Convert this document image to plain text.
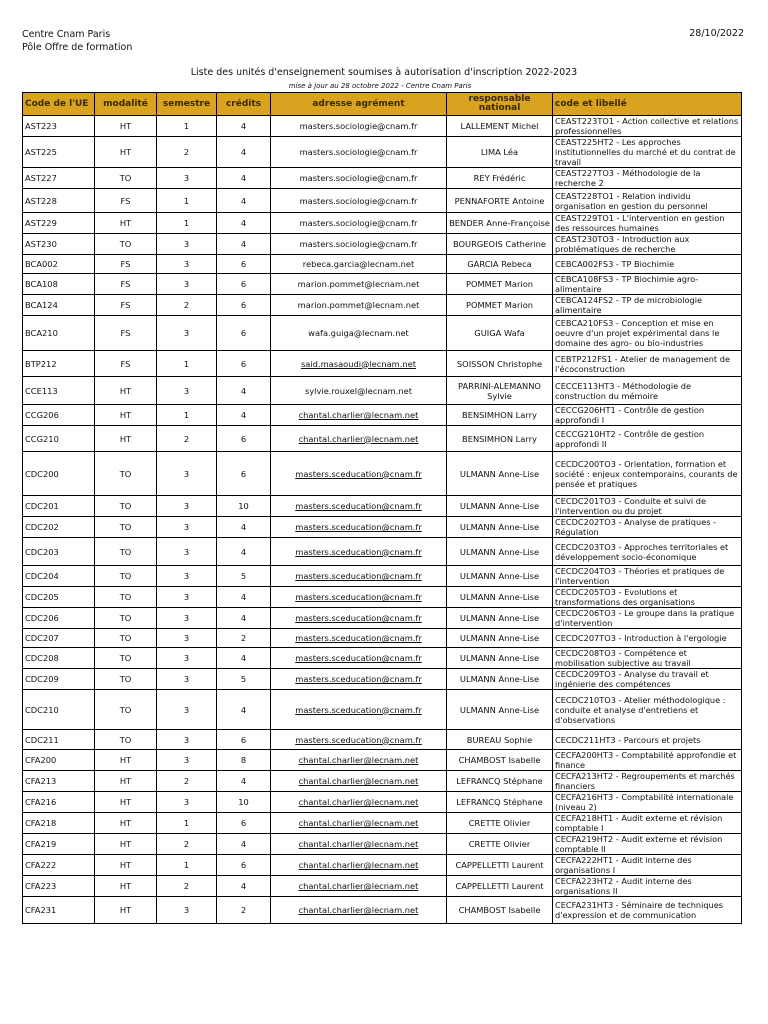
Centre Cnam Paris
Pôle Offre de formation
28/10/2022
Liste des unités d'enseignement soumises à autorisation d'inscription 2022-2023
mise à jour au 28 octobre 2022 - Centre Cnam Paris
Code de l'UE	modalité	semestre	crédits	adresse agrément	responsable national	code et libellé
AST223	HT	1	4	masters.sociologie@cnam.fr	LALLEMENT Michel	CEAST223TO1 - Action collective et relations professionnelles
AST225	HT	2	4	masters.sociologie@cnam.fr	LIMA Léa	CEAST225HT2 - Les approches institutionnelles du marché et du contrat de travail
AST227	TO	3	4	masters.sociologie@cnam.fr	REY Frédéric	CEAST227TO3 - Méthodologie de la recherche 2
AST228	FS	1	4	masters.sociologie@cnam.fr	PENNAFORTE Antoine	CEAST228TO1 - Relation individu organisation en gestion du personnel
AST229	HT	1	4	masters.sociologie@cnam.fr	BENDER Anne-Françoise	CEAST229TO1 - L'intervention en gestion des ressources humaines
AST230	TO	3	4	masters.sociologie@cnam.fr	BOURGEOIS Catherine	CEAST230TO3 - Introduction aux problématiques de recherche
BCA002	FS	3	6	rebeca.garcia@lecnam.net	GARCIA Rebeca	CEBCA002FS3 - TP Biochimie
BCA108	FS	3	6	marion.pommet@lecnam.net	POMMET Marion	CEBCA108FS3 - TP Biochimie agro-alimentaire
BCA124	FS	2	6	marion.pommet@lecnam.net	POMMET Marion	CEBCA124FS2 - TP de microbiologie alimentaire
BCA210	FS	3	6	wafa.guiga@lecnam.net	GUIGA Wafa	CEBCA210FS3 - Conception et mise en oeuvre d'un projet expérimental dans le domaine des agro- ou bio-industries
BTP212	FS	1	6	said.masaoudi@lecnam.net	SOISSON Christophe	CEBTP212FS1 - Atelier de management de l'écoconstruction
CCE113	HT	3	4	sylvie.rouxel@lecnam.net	PARRINI-ALEMANNO Sylvie	CECCE113HT3 - Méthodologie de construction du mémoire
CCG206	HT	1	4	chantal.charlier@lecnam.net	BENSIMHON Larry	CECCG206HT1 - Contrôle de gestion approfondi I
CCG210	HT	2	6	chantal.charlier@lecnam.net	BENSIMHON Larry	CECCG210HT2 - Contrôle de gestion approfondi II
CDC200	TO	3	6	masters.sceducation@cnam.fr	ULMANN Anne-Lise	CECDC200TO3 - Orientation, formation et société : enjeux contemporains, courants de pensée et pratiques
CDC201	TO	3	10	masters.sceducation@cnam.fr	ULMANN Anne-Lise	CECDC201TO3 - Conduite et suivi de l'intervention ou du projet
CDC202	TO	3	4	masters.sceducation@cnam.fr	ULMANN Anne-Lise	CECDC202TO3 - Analyse de pratiques - Régulation
CDC203	TO	3	4	masters.sceducation@cnam.fr	ULMANN Anne-Lise	CECDC203TO3 - Approches territoriales et développement socio-économique
CDC204	TO	3	5	masters.sceducation@cnam.fr	ULMANN Anne-Lise	CECDC204TO3 - Théories et pratiques de l'intervention
CDC205	TO	3	4	masters.sceducation@cnam.fr	ULMANN Anne-Lise	CECDC205TO3 - Evolutions et transformations des organisations
CDC206	TO	3	4	masters.sceducation@cnam.fr	ULMANN Anne-Lise	CECDC206TO3 - Le groupe dans la pratique d'intervention
CDC207	TO	3	2	masters.sceducation@cnam.fr	ULMANN Anne-Lise	CECDC207TO3 - Introduction à l'ergologie
CDC208	TO	3	4	masters.sceducation@cnam.fr	ULMANN Anne-Lise	CECDC208TO3 - Compétence et mobilisation subjective au travail
CDC209	TO	3	5	masters.sceducation@cnam.fr	ULMANN Anne-Lise	CECDC209TO3 - Analyse du travail et ingénierie des compétences
CDC210	TO	3	4	masters.sceducation@cnam.fr	ULMANN Anne-Lise	CECDC210TO3 - Atelier méthodologique : conduite et analyse d'entretiens et d'observations
CDC211	TO	3	6	masters.sceducation@cnam.fr	BUREAU Sophie	CECDC211HT3 - Parcours et projets
CFA200	HT	3	8	chantal.charlier@lecnam.net	CHAMBOST Isabelle	CECFA200HT3 - Comptabilité approfondie et finance
CFA213	HT	2	4	chantal.charlier@lecnam.net	LEFRANCQ Stéphane	CECFA213HT2 - Regroupements et marchés financiers
CFA216	HT	3	10	chantal.charlier@lecnam.net	LEFRANCQ Stéphane	CECFA216HT3 - Comptabilité internationale (niveau 2)
CFA218	HT	1	6	chantal.charlier@lecnam.net	CRETTE Olivier	CECFA218HT1 - Audit externe et révision comptable I
CFA219	HT	2	4	chantal.charlier@lecnam.net	CRETTE Olivier	CECFA219HT2 - Audit externe et révision comptable II
CFA222	HT	1	6	chantal.charlier@lecnam.net	CAPPELLETTI Laurent	CECFA222HT1 - Audit interne des organisations I
CFA223	HT	2	4	chantal.charlier@lecnam.net	CAPPELLETTI Laurent	CECFA223HT2 - Audit interne des organisations II
CFA231	HT	3	2	chantal.charlier@lecnam.net	CHAMBOST Isabelle	CECFA231HT3 - Séminaire de techniques d'expression et de communication
